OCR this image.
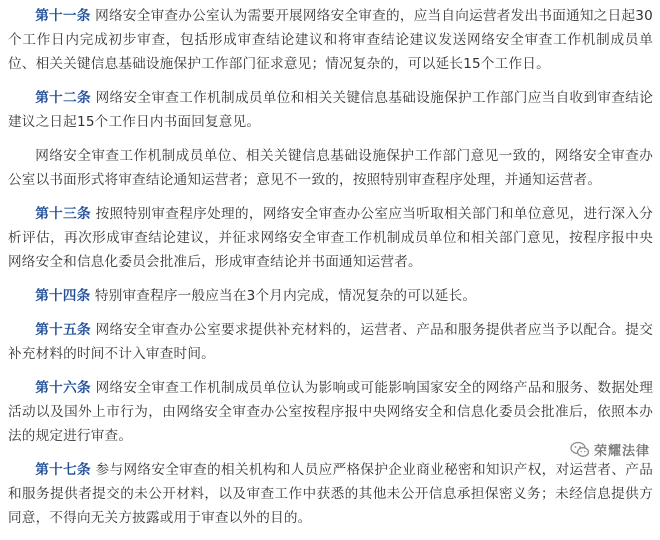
第十一条 网络安全审查办公室认为需要开展网络安全审查的，应当自向运营者发出书面通知之日起30个工作日内完成初步审查，包括形成审查结论建议和将审查结论建议发送网络安全审查工作机制成员单位、相关关键信息基础设施保护工作部门征求意见；情况复杂的，可以延长15个工作日。

第十二条 网络安全审查工作机制成员单位和相关关键信息基础设施保护工作部门应当自收到审查结论建议之日起15个工作日内书面回复意见。

网络安全审查工作机制成员单位、相关关键信息基础设施保护工作部门意见一致的，网络安全审查办公室以书面形式将审查结论通知运营者；意见不一致的，按照特别审查程序处理，并通知运营者。

第十三条 按照特别审查程序处理的，网络安全审查办公室应当听取相关部门和单位意见，进行深入分析评估，再次形成审查结论建议，并征求网络安全审查工作机制成员单位和相关部门意见，按程序报中央网络安全和信息化委员会批准后，形成审查结论并书面通知运营者。

第十四条 特别审查程序一般应当在3个月内完成，情况复杂的可以延长。

第十五条 网络安全审查办公室要求提供补充材料的，运营者、产品和服务提供者应当予以配合。提交补充材料的时间不计入审查时间。

第十六条 网络安全审查工作机制成员单位认为影响或可能影响国家安全的网络产品和服务、数据处理活动以及国外上市行为，由网络安全审查办公室按程序报中央网络安全和信息化委员会批准后，依照本办法的规定进行审查。

第十七条 参与网络安全审查的相关机构和人员应严格保护企业商业秘密和知识产权，对运营者、产品和服务提供者提交的未公开材料，以及审查工作中获悉的其他未公开信息承担保密义务；未经信息提供方同意，不得向无关方披露或用于审查以外的目的。

荣耀法律
